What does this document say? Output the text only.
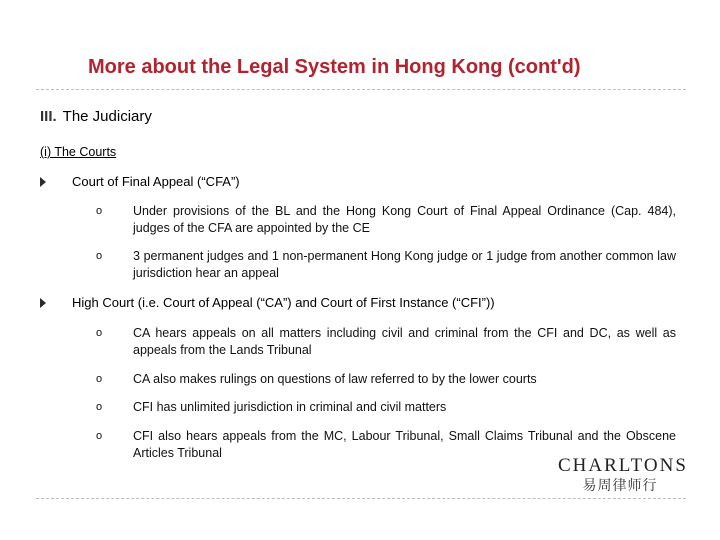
More about the Legal System in Hong Kong (cont'd)
III. The Judiciary
(i) The Courts
Court of Final Appeal (“CFA”)
o	Under provisions of the BL and the Hong Kong Court of Final Appeal Ordinance (Cap. 484), judges of the CFA are appointed by the CE
o	3 permanent judges and 1 non-permanent Hong Kong judge or 1 judge from another common law jurisdiction hear an appeal
High Court (i.e. Court of Appeal (“CA”) and Court of First Instance (“CFI”))
o	CA hears appeals on all matters including civil and criminal from the CFI and DC, as well as appeals from the Lands Tribunal
o	CA also makes rulings on questions of law referred to by the lower courts
o	CFI has unlimited jurisdiction in criminal and civil matters
o	CFI also hears appeals from the MC, Labour Tribunal, Small Claims Tribunal and the Obscene Articles Tribunal
CHARLTONS
易周律师行
